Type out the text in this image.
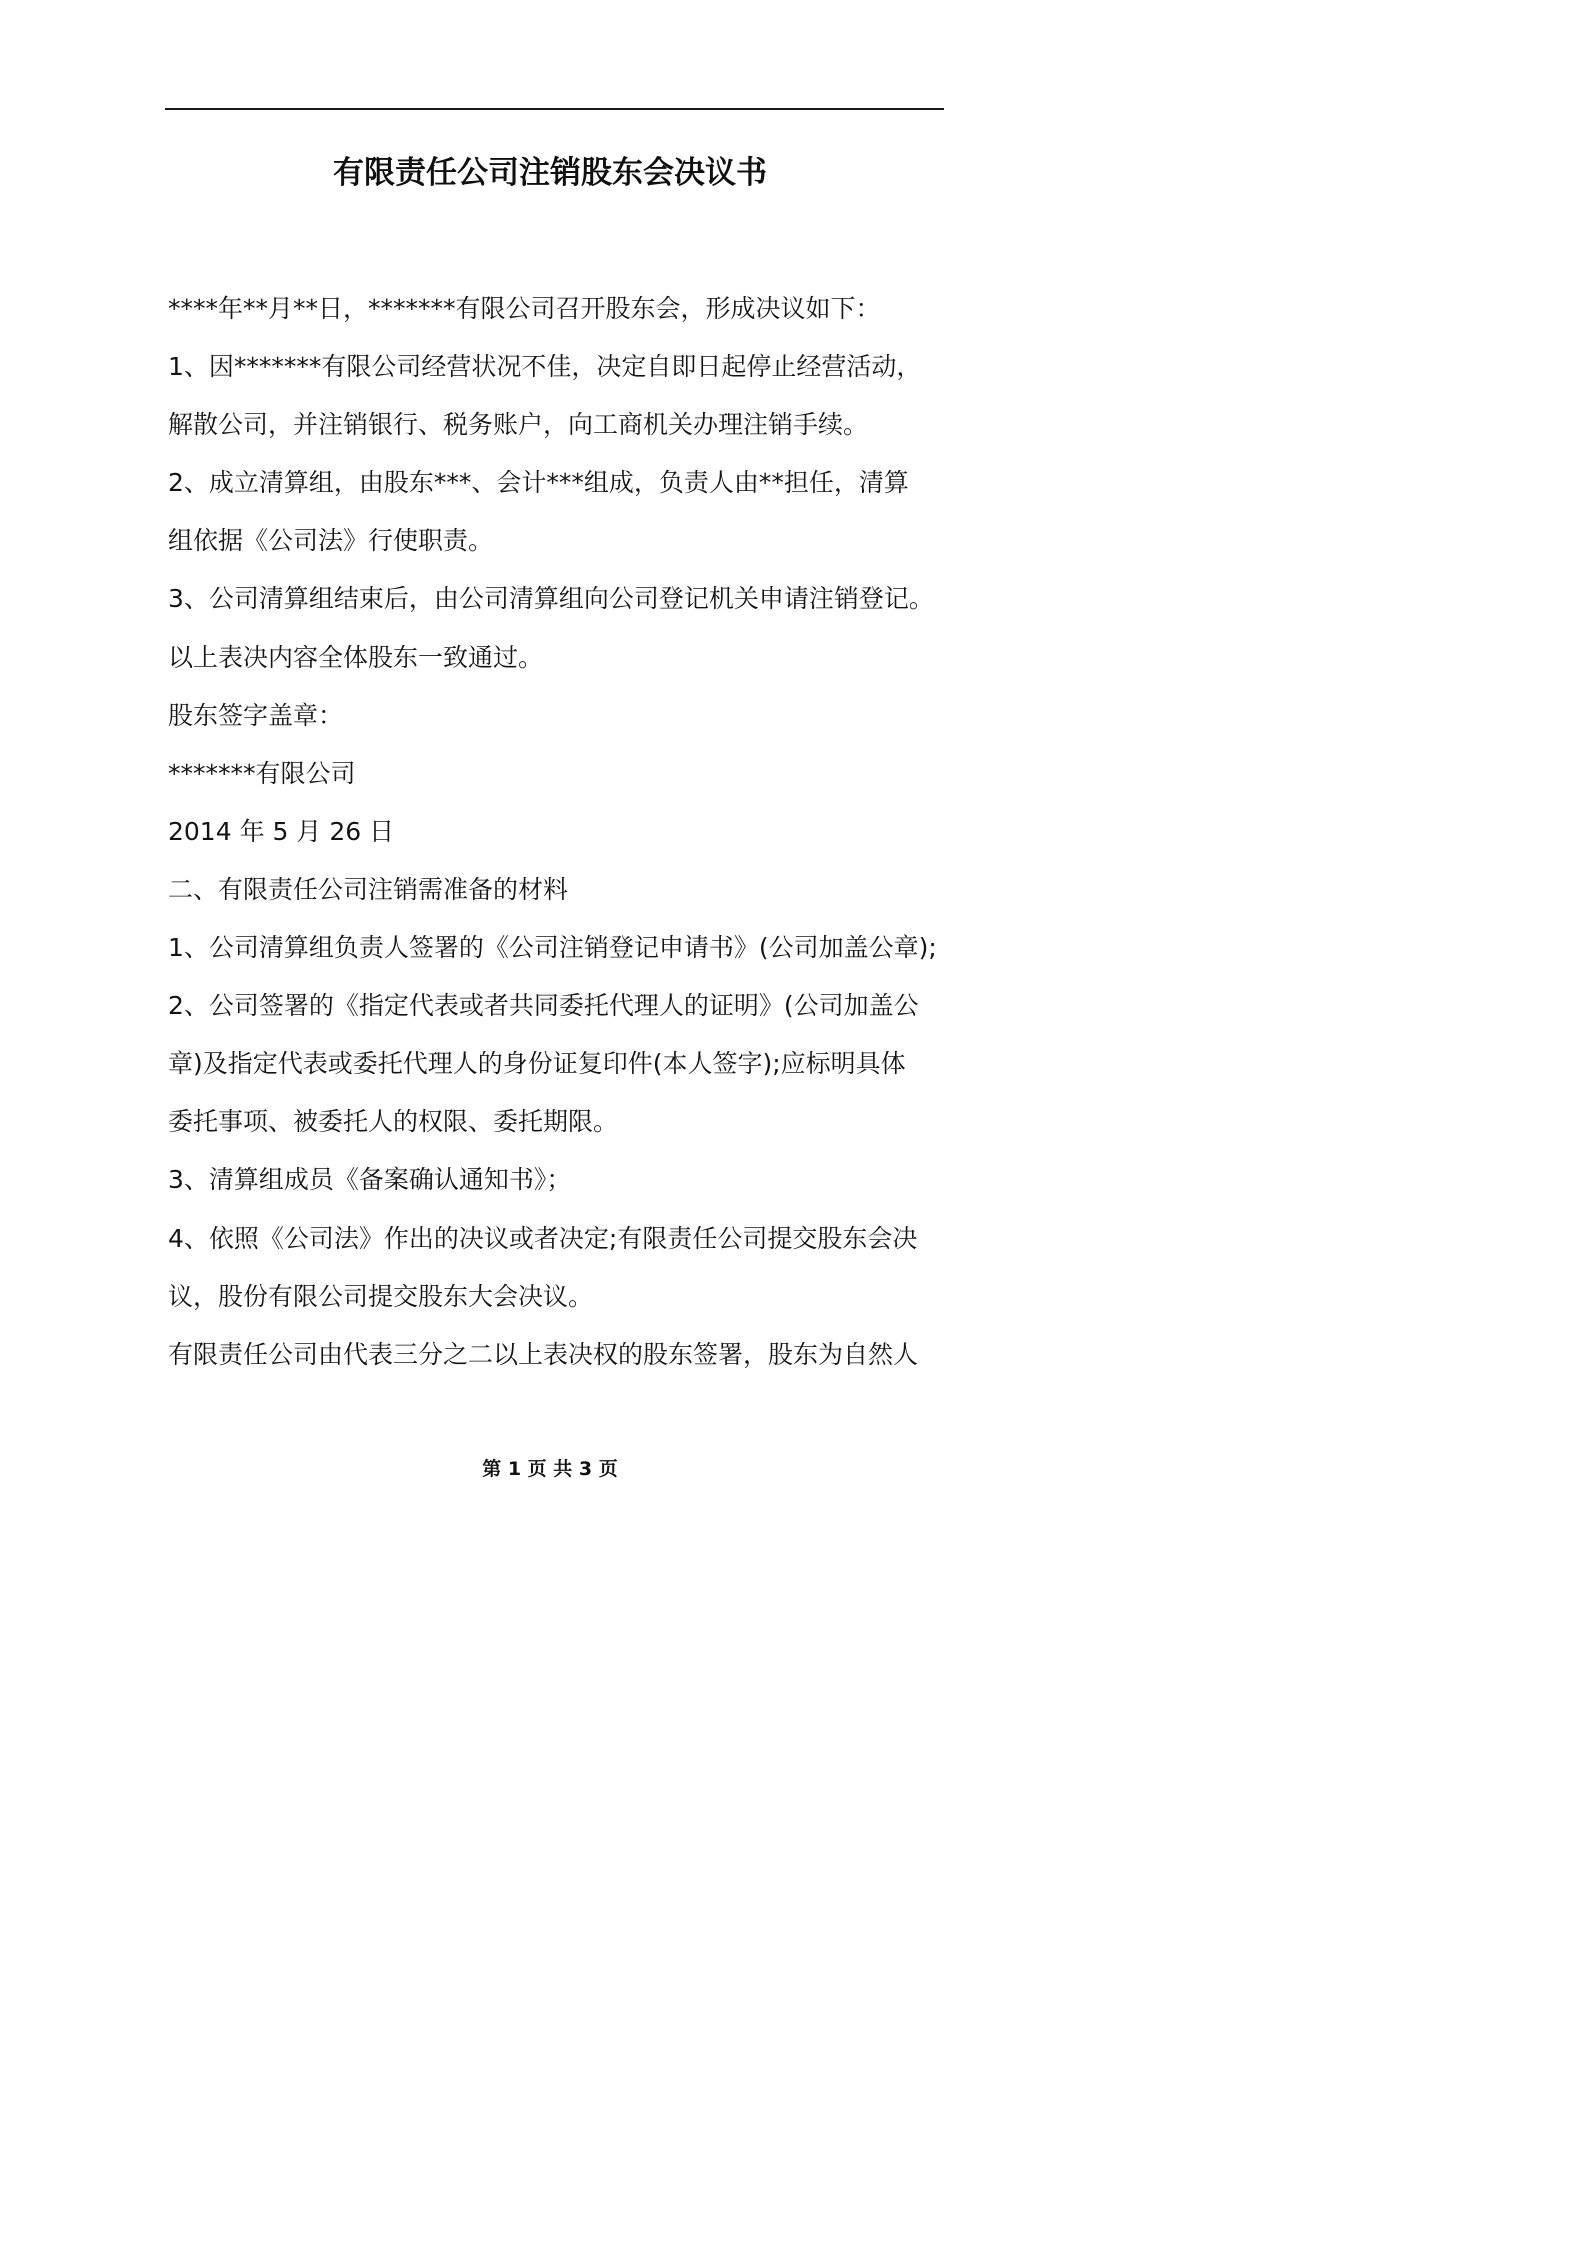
有限责任公司注销股东会决议书
****年**月**日，*******有限公司召开股东会，形成决议如下：
1、因*******有限公司经营状况不佳，决定自即日起停止经营活动，
解散公司，并注销银行、税务账户，向工商机关办理注销手续。
2、成立清算组，由股东***、会计***组成，负责人由**担任，清算
组依据《公司法》行使职责。
3、公司清算组结束后，由公司清算组向公司登记机关申请注销登记。
以上表决内容全体股东一致通过。
股东签字盖章：
*******有限公司
2014 年 5 月 26 日
二、有限责任公司注销需准备的材料
1、公司清算组负责人签署的《公司注销登记申请书》(公司加盖公章);
2、公司签署的《指定代表或者共同委托代理人的证明》(公司加盖公
章)及指定代表或委托代理人的身份证复印件(本人签字);应标明具体
委托事项、被委托人的权限、委托期限。
3、清算组成员《备案确认通知书》；
4、依照《公司法》作出的决议或者决定;有限责任公司提交股东会决
议，股份有限公司提交股东大会决议。
有限责任公司由代表三分之二以上表决权的股东签署，股东为自然人
第 1 页 共 3 页
